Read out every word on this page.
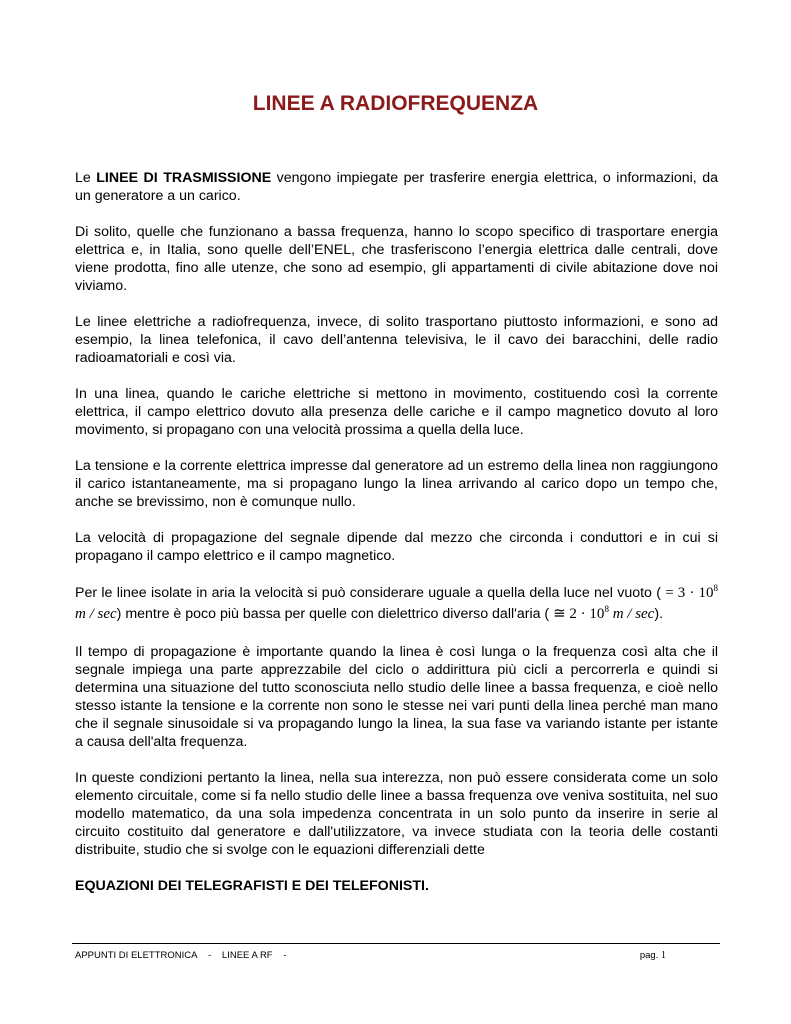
LINEE A RADIOFREQUENZA

Le LINEE DI TRASMISSIONE vengono impiegate per trasferire energia elettrica, o informazioni, da un generatore a un carico.

Di solito, quelle che funzionano a bassa frequenza, hanno lo scopo specifico di trasportare energia elettrica e, in Italia, sono quelle dell’ENEL, che trasferiscono l’energia elettrica dalle centrali, dove viene prodotta, fino alle utenze, che sono ad esempio, gli appartamenti di civile abitazione dove noi viviamo.

Le linee elettriche a radiofrequenza, invece, di solito trasportano piuttosto informazioni, e sono ad esempio, la linea telefonica, il cavo dell’antenna televisiva, le il cavo dei baracchini, delle radio radioamatoriali e così via.

In una linea, quando le cariche elettriche si mettono in movimento, costituendo così la corrente elettrica, il campo elettrico dovuto alla presenza delle cariche e il campo magnetico dovuto al loro movimento, si propagano con una velocità prossima a quella della luce.

La tensione e la corrente elettrica impresse dal generatore ad un estremo della linea non raggiungono il carico istantaneamente, ma si propagano lungo la linea arrivando al carico dopo un tempo che, anche se brevissimo, non è comunque nullo.

La velocità di propagazione del segnale dipende dal mezzo che circonda i conduttori e in cui si propagano il campo elettrico e il campo magnetico.

Per le linee isolate in aria la velocità si può considerare uguale a quella della luce nel vuoto ( = $3 \cdot 10^8$ m / sec) mentre è poco più bassa per quelle con dielettrico diverso dall'aria ( ≅ $2 \cdot 10^8$ m / sec).

Il tempo di propagazione è importante quando la linea è così lunga o la frequenza così alta che il segnale impiega una parte apprezzabile del ciclo o addirittura più cicli a percorrerla e quindi si determina una situazione del tutto sconosciuta nello studio delle linee a bassa frequenza, e cioè nello stesso istante la tensione e la corrente non sono le stesse nei vari punti della linea perché man mano che il segnale sinusoidale si va propagando lungo la linea, la sua fase va variando istante per istante a causa dell'alta frequenza.

In queste condizioni pertanto la linea, nella sua interezza, non può essere considerata come un solo elemento circuitale, come si fa nello studio delle linee a bassa frequenza ove veniva sostituita, nel suo modello matematico, da una sola impedenza concentrata in un solo punto da inserire in serie al circuito costituito dal generatore e dall'utilizzatore, va invece studiata con la teoria delle costanti distribuite, studio che si svolge con le equazioni differenziali dette

EQUAZIONI DEI TELEGRAFISTI E DEI TELEFONISTI.

APPUNTI DI ELETTRONICA - LINEE A RF -	pag. 1
